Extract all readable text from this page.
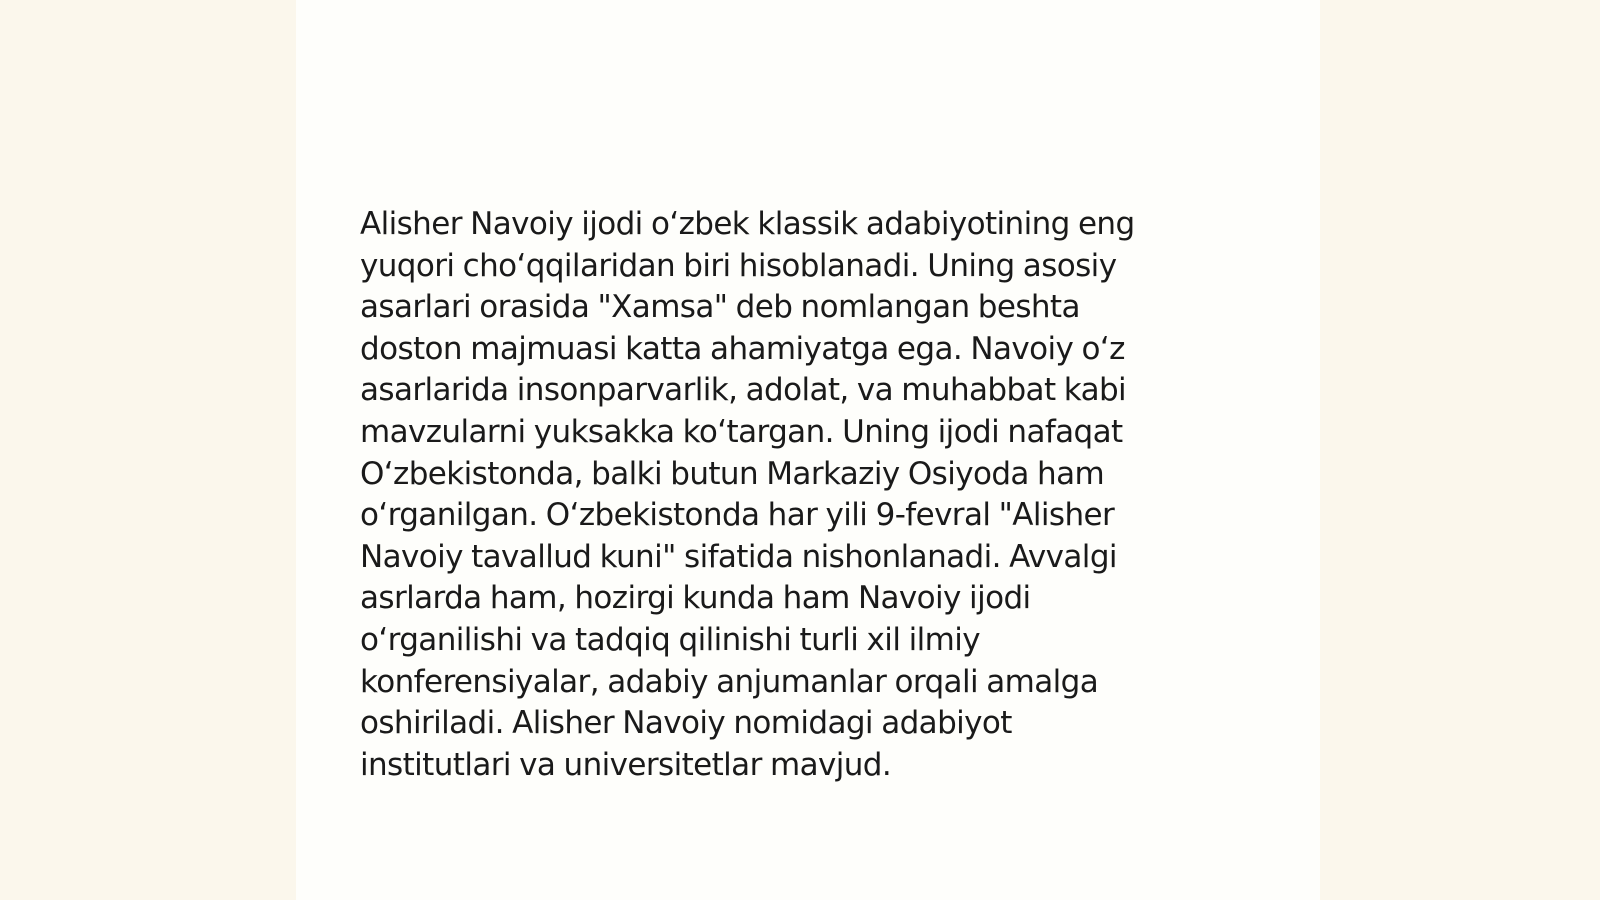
Alisher Navoiy ijodi oʻzbek klassik adabiyotining eng
yuqori choʻqqilaridan biri hisoblanadi. Uning asosiy
asarlari orasida "Xamsa" deb nomlangan beshta
doston majmuasi katta ahamiyatga ega. Navoiy oʻz
asarlarida insonparvarlik, adolat, va muhabbat kabi
mavzularni yuksakka koʻtargan. Uning ijodi nafaqat
Oʻzbekistonda, balki butun Markaziy Osiyoda ham
oʻrganilgan. Oʻzbekistonda har yili 9-fevral "Alisher
Navoiy tavallud kuni" sifatida nishonlanadi. Avvalgi
asrlarda ham, hozirgi kunda ham Navoiy ijodi
oʻrganilishi va tadqiq qilinishi turli xil ilmiy
konferensiyalar, adabiy anjumanlar orqali amalga
oshiriladi. Alisher Navoiy nomidagi adabiyot
institutlari va universitetlar mavjud.
